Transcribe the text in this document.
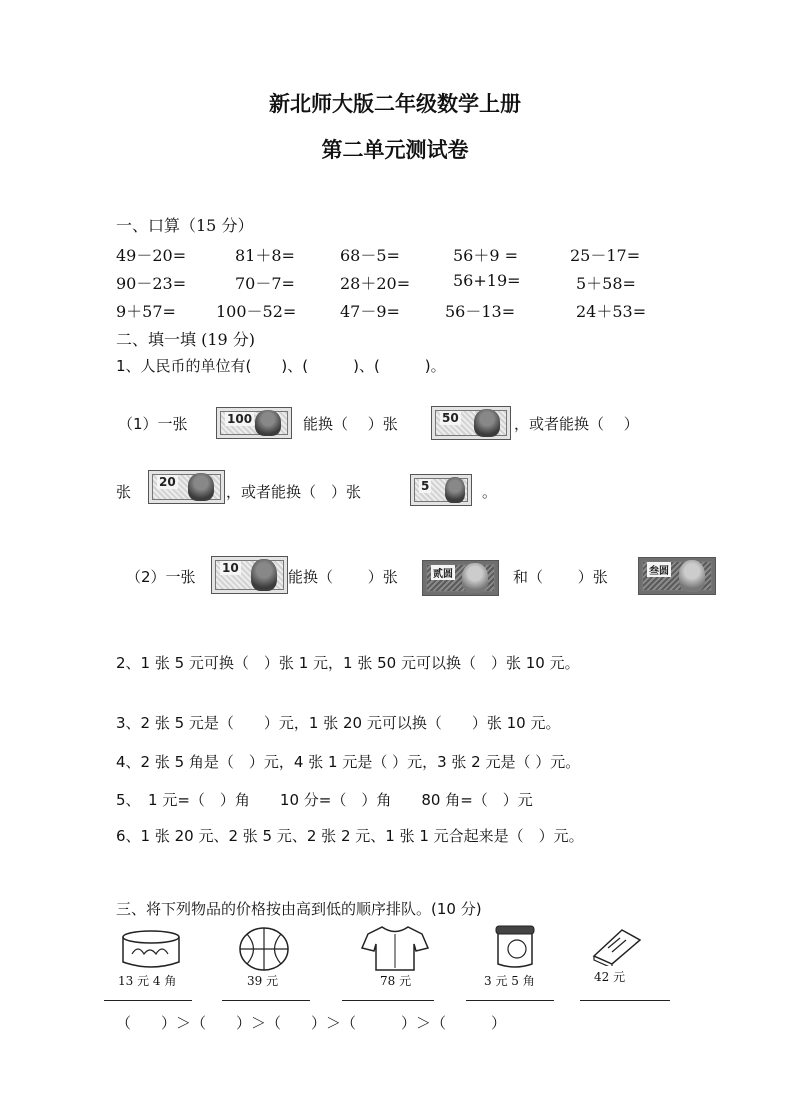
新北师大版二年级数学上册
第二单元测试卷
一、口算（15 分）
49－20=	81＋8=	68－5=	56＋9 =	25－17=
90－23=	70－7=	28＋20=	56+19=	5＋58=
9＋57=	100－52=	47－9=	56－13=	24＋53=
二、填一填 (19 分)
1、人民币的单位有(　　)、(　　　)、(　　　)。
（1）一张	100	能换（　 ）张	50	，或者能换（　 ）
张
20
，或者能换（　）张	5	。
（2）一张 10	能换（　　 ）张	贰圆	和（　　 ）张	叁圆
2、1 张 5 元可换（　）张 1 元，1 张 50 元可以换（　）张 10 元。
3、2 张 5 元是（　　）元，1 张 20 元可以换（　　）张 10 元。
4、2 张 5 角是（　）元，4 张 1 元是（ ）元，3 张 2 元是（ ）元。
5、　1 元=（　）角　　10 分=（　）角　　80 角=（　）元
6、1 张 20 元、2 张 5 元、2 张 2 元、1 张 1 元合起来是（　）元。
三、将下列物品的价格按由高到低的顺序排队。(10 分)
13 元 4 角	39 元	78 元	3 元 5 角	42 元
（　　）＞（　　）＞（　　）＞（　　　）＞（　　　）
